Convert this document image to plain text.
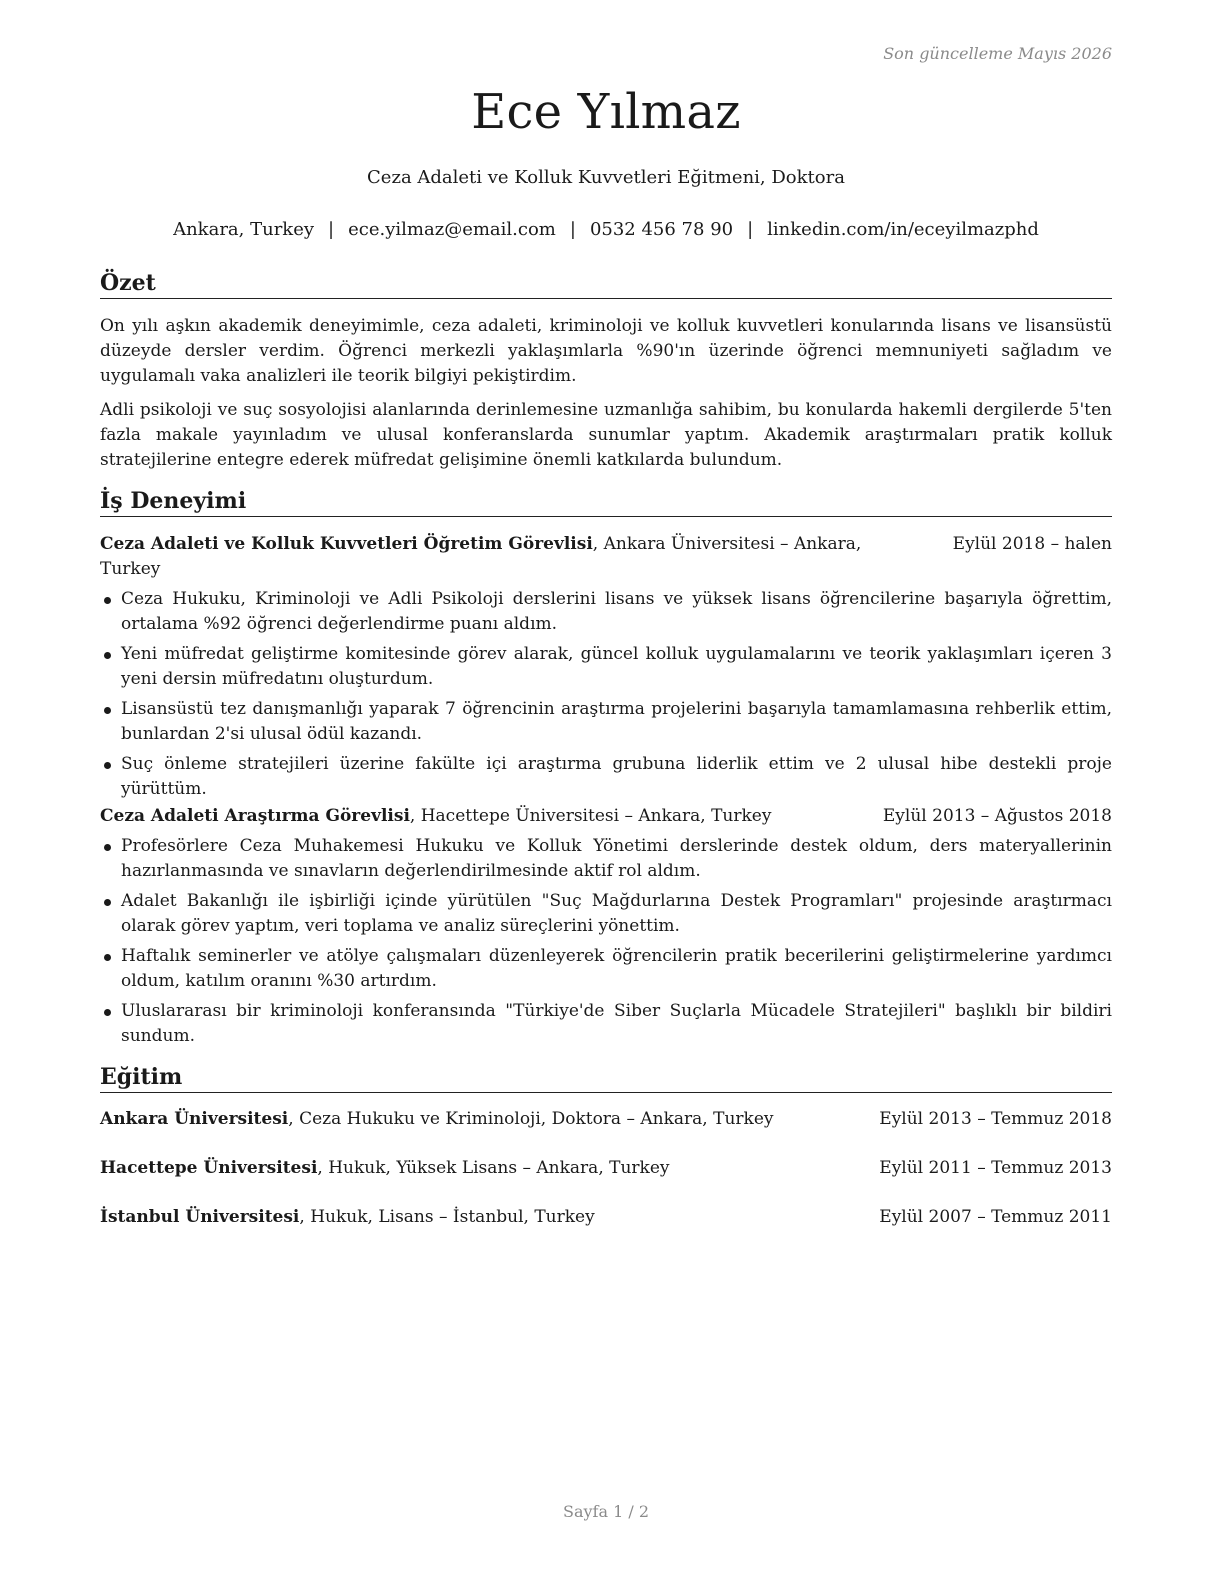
Son güncelleme Mayıs 2026
Ece Yılmaz
Ceza Adaleti ve Kolluk Kuvvetleri Eğitmeni, Doktora
Ankara, Turkey | ece.yilmaz@email.com | 0532 456 78 90 | linkedin.com/in/eceyilmazphd
Özet
On yılı aşkın akademik deneyimimle, ceza adaleti, kriminoloji ve kolluk kuvvetleri konularında lisans ve lisansüstü düzeyde dersler verdim. Öğrenci merkezli yaklaşımlarla %90'ın üzerinde öğrenci memnuniyeti sağladım ve uygulamalı vaka analizleri ile teorik bilgiyi pekiştirdim.
Adli psikoloji ve suç sosyolojisi alanlarında derinlemesine uzmanlığa sahibim, bu konularda hakemli dergilerde 5'ten fazla makale yayınladım ve ulusal konferanslarda sunumlar yaptım. Akademik araştırmaları pratik kolluk stratejilerine entegre ederek müfredat gelişimine önemli katkılarda bulundum.
İş Deneyimi
Ceza Adaleti ve Kolluk Kuvvetleri Öğretim Görevlisi, Ankara Üniversitesi – Ankara, Turkey
Eylül 2018 – halen
Ceza Hukuku, Kriminoloji ve Adli Psikoloji derslerini lisans ve yüksek lisans öğrencilerine başarıyla öğrettim, ortalama %92 öğrenci değerlendirme puanı aldım.
Yeni müfredat geliştirme komitesinde görev alarak, güncel kolluk uygulamalarını ve teorik yaklaşımları içeren 3 yeni dersin müfredatını oluşturdum.
Lisansüstü tez danışmanlığı yaparak 7 öğrencinin araştırma projelerini başarıyla tamamlamasına rehberlik ettim, bunlardan 2'si ulusal ödül kazandı.
Suç önleme stratejileri üzerine fakülte içi araştırma grubuna liderlik ettim ve 2 ulusal hibe destekli proje yürüttüm.
Ceza Adaleti Araştırma Görevlisi, Hacettepe Üniversitesi – Ankara, Turkey	Eylül 2013 – Ağustos 2018
Profesörlere Ceza Muhakemesi Hukuku ve Kolluk Yönetimi derslerinde destek oldum, ders materyallerinin hazırlanmasında ve sınavların değerlendirilmesinde aktif rol aldım.
Adalet Bakanlığı ile işbirliği içinde yürütülen "Suç Mağdurlarına Destek Programları" projesinde araştırmacı olarak görev yaptım, veri toplama ve analiz süreçlerini yönettim.
Haftalık seminerler ve atölye çalışmaları düzenleyerek öğrencilerin pratik becerilerini geliştirmelerine yardımcı oldum, katılım oranını %30 artırdım.
Uluslararası bir kriminoloji konferansında "Türkiye'de Siber Suçlarla Mücadele Stratejileri" başlıklı bir bildiri sundum.
Eğitim
Ankara Üniversitesi, Ceza Hukuku ve Kriminoloji, Doktora – Ankara, Turkey	Eylül 2013 – Temmuz 2018
Hacettepe Üniversitesi, Hukuk, Yüksek Lisans – Ankara, Turkey	Eylül 2011 – Temmuz 2013
İstanbul Üniversitesi, Hukuk, Lisans – İstanbul, Turkey	Eylül 2007 – Temmuz 2011
Sayfa 1 / 2
